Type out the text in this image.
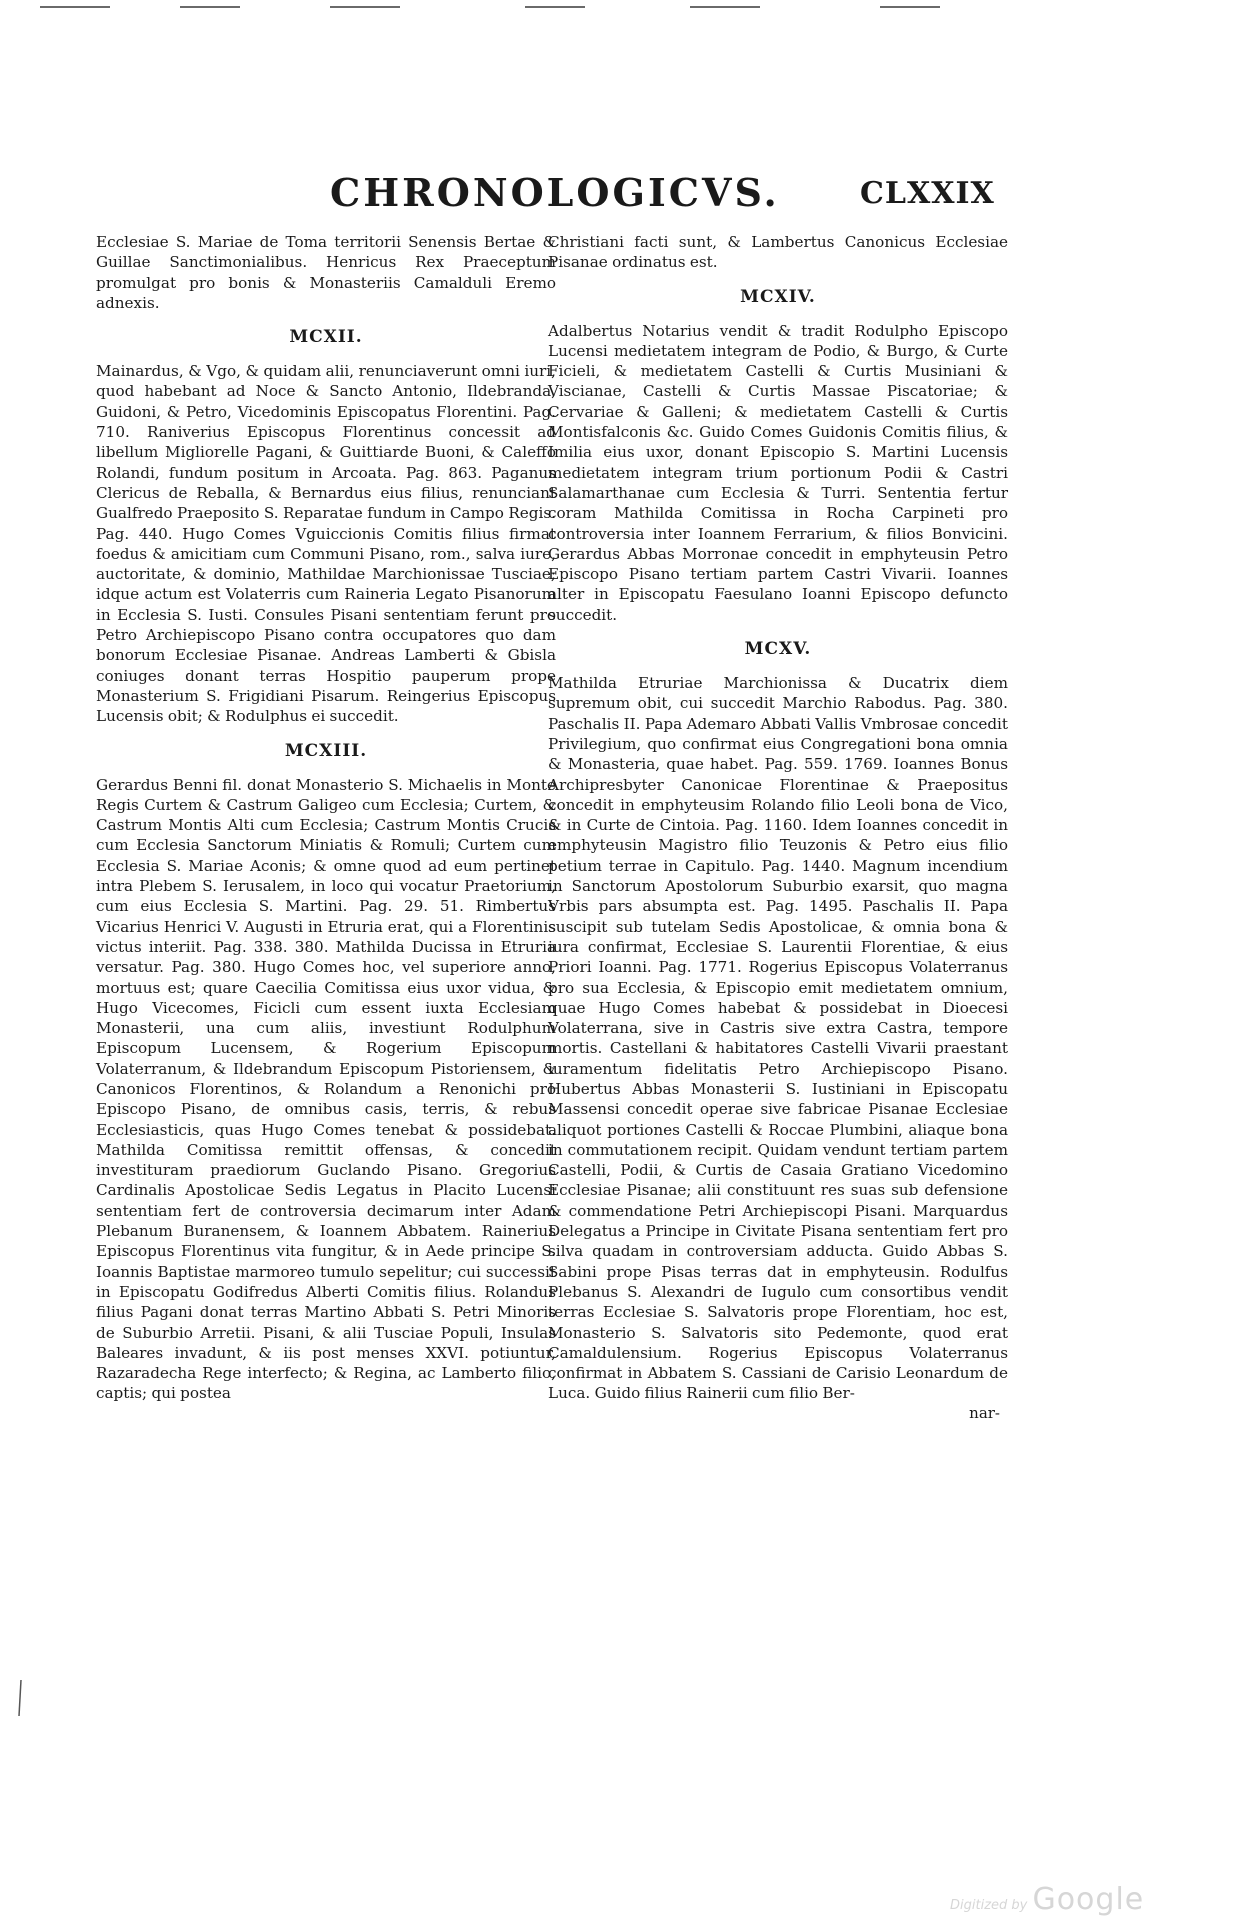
CHRONOLOGICVS.	CLXXIX

Ecclesiae S. Mariae de Toma territorii Senensis Bertae & Guillae Sanctimonialibus. Henricus Rex Praeceptum promulgat pro bonis & Monasteriis Camalduli Eremo adnexis.

MCXII.

Mainardus, & Vgo, & quidam alii, renunciaverunt omni iuri, quod habebant ad Noce & Sancto Antonio, Ildebranda, Guidoni, & Petro, Vicedominis Episcopatus Florentini. Pag. 710. Raniverius Episcopus Florentinus concessit ad libellum Migliorelle Pagani, & Guittiarde Buoni, & Caleffo Rolandi, fundum positum in Arcoata. Pag. 863. Paganus Clericus de Reballa, & Bernardus eius filius, renunciant Gualfredo Praeposito S. Reparatae fundum in Campo Regis. Pag. 440. Hugo Comes Vguiccionis Comitis filius firmat foedus & amicitiam cum Communi Pisano, rom., salva iure, auctoritate, & dominio, Mathildae Marchionissae Tusciae; idque actum est Volaterris cum Raineria Legato Pisanorum in Ecclesia S. Iusti. Consules Pisani sententiam ferunt pro Petro Archiepiscopo Pisano contra occupatores quo dam bonorum Ecclesiae Pisanae. Andreas Lamberti & Gbisla coniuges donant terras Hospitio pauperum prope Monasterium S. Frigidiani Pisarum. Reingerius Episcopus Lucensis obit; & Rodulphus ei succedit.

MCXIII.

Gerardus Benni fil. donat Monasterio S. Michaelis in Monte Regis Curtem & Castrum Galigeo cum Ecclesia; Curtem, & Castrum Montis Alti cum Ecclesia; Castrum Montis Crucis cum Ecclesia Sanctorum Miniatis & Romuli; Curtem cum Ecclesia S. Mariae Aconis; & omne quod ad eum pertinet intra Plebem S. Ierusalem, in loco qui vocatur Praetorium, cum eius Ecclesia S. Martini. Pag. 29. 51. Rimbertus Vicarius Henrici V. Augusti in Etruria erat, qui a Florentinis victus interiit. Pag. 338. 380. Mathilda Ducissa in Etruria versatur. Pag. 380. Hugo Comes hoc, vel superiore anno, mortuus est; quare Caecilia Comitissa eius uxor vidua, & Hugo Vicecomes, Ficicli cum essent iuxta Ecclesiam Monasterii, una cum aliis, investiunt Rodulphum Episcopum Lucensem, & Rogerium Episcopum Volaterranum, & Ildebrandum Episcopum Pistoriensem, & Canonicos Florentinos, & Rolandum a Renonichi pro Episcopo Pisano, de omnibus casis, terris, & rebus Ecclesiasticis, quas Hugo Comes tenebat & possidebat. Mathilda Comitissa remittit offensas, & concedit investituram praediorum Guclando Pisano. Gregorius Cardinalis Apostolicae Sedis Legatus in Placito Lucensi sententiam fert de controversia decimarum inter Adam Plebanum Buranensem, & Ioannem Abbatem. Rainerius Episcopus Florentinus vita fungitur, & in Aede principe S. Ioannis Baptistae marmoreo tumulo sepelitur; cui successit in Episcopatu Godifredus Alberti Comitis filius. Rolandus filius Pagani donat terras Martino Abbati S. Petri Minoris de Suburbio Arretii. Pisani, & alii Tusciae Populi, Insulas Baleares invadunt, & iis post menses XXVI. potiuntur, Razaradecha Rege interfecto; & Regina, ac Lamberto filio, captis; qui postea

Christiani facti sunt, & Lambertus Canonicus Ecclesiae Pisanae ordinatus est.

MCXIV.

Adalbertus Notarius vendit & tradit Rodulpho Episcopo Lucensi medietatem integram de Podio, & Burgo, & Curte Ficieli, & medietatem Castelli & Curtis Musiniani & Viscianae, Castelli & Curtis Massae Piscatoriae; & Cervariae & Galleni; & medietatem Castelli & Curtis Montisfalconis &c. Guido Comes Guidonis Comitis filius, & Imilia eius uxor, donant Episcopio S. Martini Lucensis medietatem integram trium portionum Podii & Castri Salamarthanae cum Ecclesia & Turri. Sententia fertur coram Mathilda Comitissa in Rocha Carpineti pro controversia inter Ioannem Ferrarium, & filios Bonvicini. Gerardus Abbas Morronae concedit in emphyteusin Petro Episcopo Pisano tertiam partem Castri Vivarii. Ioannes alter in Episcopatu Faesulano Ioanni Episcopo defuncto succedit.

MCXV.

Mathilda Etruriae Marchionissa & Ducatrix diem supremum obit, cui succedit Marchio Rabodus. Pag. 380. Paschalis II. Papa Ademaro Abbati Vallis Vmbrosae concedit Privilegium, quo confirmat eius Congregationi bona omnia & Monasteria, quae habet. Pag. 559. 1769. Ioannes Bonus Archipresbyter Canonicae Florentinae & Praepositus concedit in emphyteusim Rolando filio Leoli bona de Vico, & in Curte de Cintoia. Pag. 1160. Idem Ioannes concedit in emphyteusin Magistro filio Teuzonis & Petro eius filio petium terrae in Capitulo. Pag. 1440. Magnum incendium in Sanctorum Apostolorum Suburbio exarsit, quo magna Vrbis pars absumpta est. Pag. 1495. Paschalis II. Papa suscipit sub tutelam Sedis Apostolicae, & omnia bona & iura confirmat, Ecclesiae S. Laurentii Florentiae, & eius Priori Ioanni. Pag. 1771. Rogerius Episcopus Volaterranus pro sua Ecclesia, & Episcopio emit medietatem omnium, quae Hugo Comes habebat & possidebat in Dioecesi Volaterrana, sive in Castris sive extra Castra, tempore mortis. Castellani & habitatores Castelli Vivarii praestant iuramentum fidelitatis Petro Archiepiscopo Pisano. Hubertus Abbas Monasterii S. Iustiniani in Episcopatu Massensi concedit operae sive fabricae Pisanae Ecclesiae aliquot portiones Castelli & Roccae Plumbini, aliaque bona in commutationem recipit. Quidam vendunt tertiam partem Castelli, Podii, & Curtis de Casaia Gratiano Vicedomino Ecclesiae Pisanae; alii constituunt res suas sub defensione & commendatione Petri Archiepiscopi Pisani. Marquardus Delegatus a Principe in Civitate Pisana sententiam fert pro silva quadam in controversiam adducta. Guido Abbas S. Sabini prope Pisas terras dat in emphyteusin. Rodulfus Plebanus S. Alexandri de Iugulo cum consortibus vendit terras Ecclesiae S. Salvatoris prope Florentiam, hoc est, Monasterio S. Salvatoris sito Pedemonte, quod erat Camaldulensium. Rogerius Episcopus Volaterranus confirmat in Abbatem S. Cassiani de Carisio Leonardum de Luca. Guido filius Rainerii cum filio Ber-

nar-

Digitized by Google
